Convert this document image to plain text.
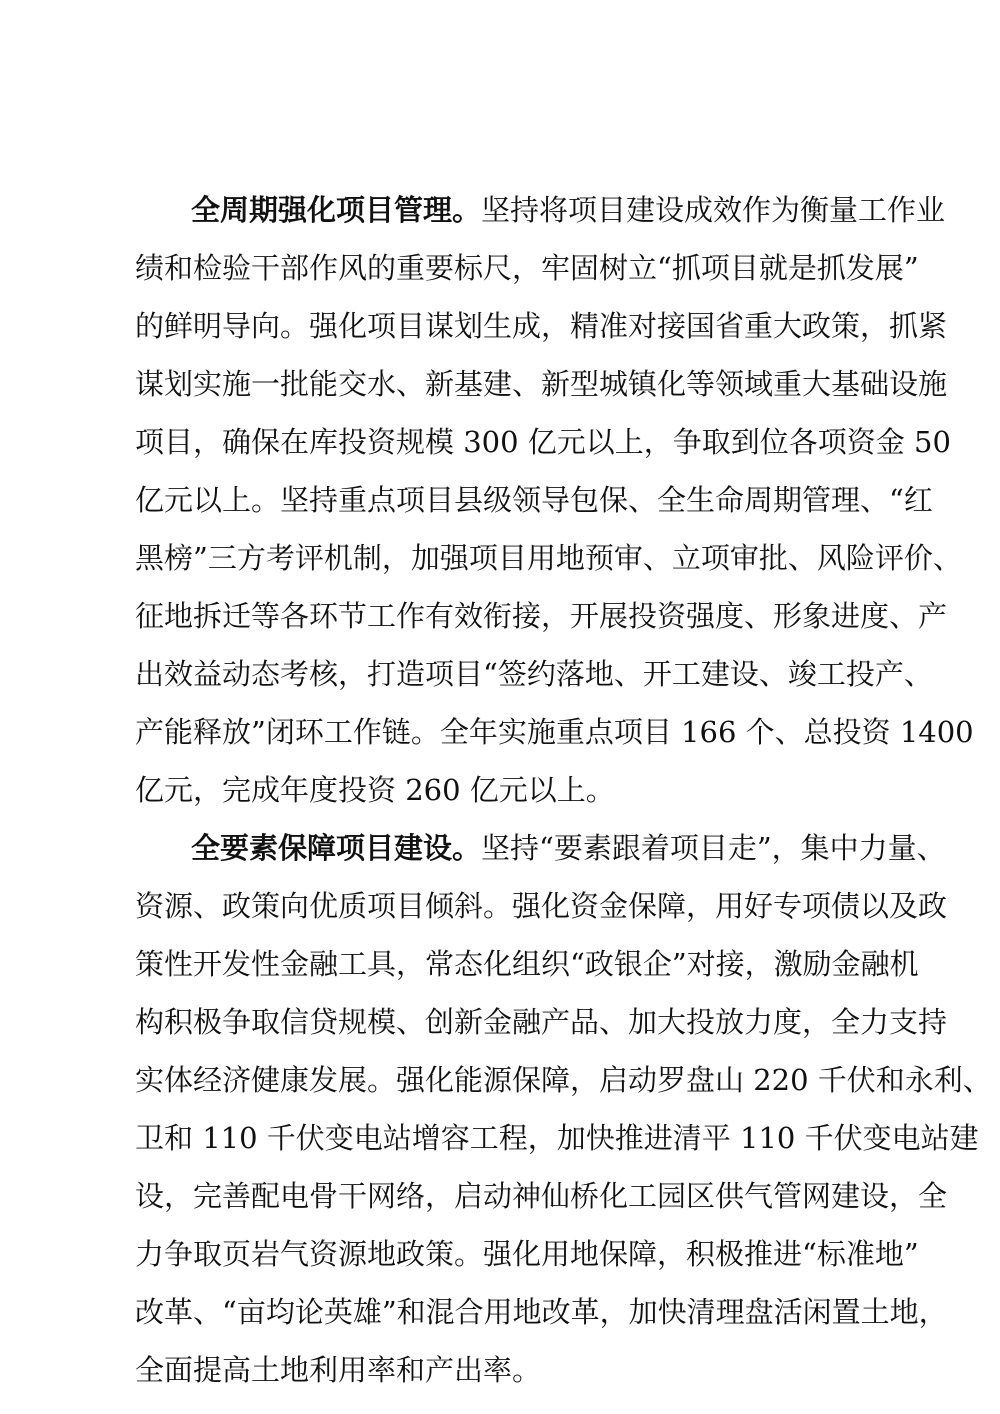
全周期强化项目管理。坚持将项目建设成效作为衡量工作业
绩和检验干部作风的重要标尺，牢固树立“抓项目就是抓发展”
的鲜明导向。强化项目谋划生成，精准对接国省重大政策，抓紧
谋划实施一批能交水、新基建、新型城镇化等领域重大基础设施
项目，确保在库投资规模 300 亿元以上，争取到位各项资金 50
亿元以上。坚持重点项目县级领导包保、全生命周期管理、“红
黑榜”三方考评机制，加强项目用地预审、立项审批、风险评价、
征地拆迁等各环节工作有效衔接，开展投资强度、形象进度、产
出效益动态考核，打造项目“签约落地、开工建设、竣工投产、
产能释放”闭环工作链。全年实施重点项目 166 个、总投资 1400
亿元，完成年度投资 260 亿元以上。
全要素保障项目建设。坚持“要素跟着项目走”，集中力量、
资源、政策向优质项目倾斜。强化资金保障，用好专项债以及政
策性开发性金融工具，常态化组织“政银企”对接，激励金融机
构积极争取信贷规模、创新金融产品、加大投放力度，全力支持
实体经济健康发展。强化能源保障，启动罗盘山 220 千伏和永利、
卫和 110 千伏变电站增容工程，加快推进清平 110 千伏变电站建
设，完善配电骨干网络，启动神仙桥化工园区供气管网建设，全
力争取页岩气资源地政策。强化用地保障，积极推进“标准地”
改革、“亩均论英雄”和混合用地改革，加快清理盘活闲置土地，
全面提高土地利用率和产出率。
